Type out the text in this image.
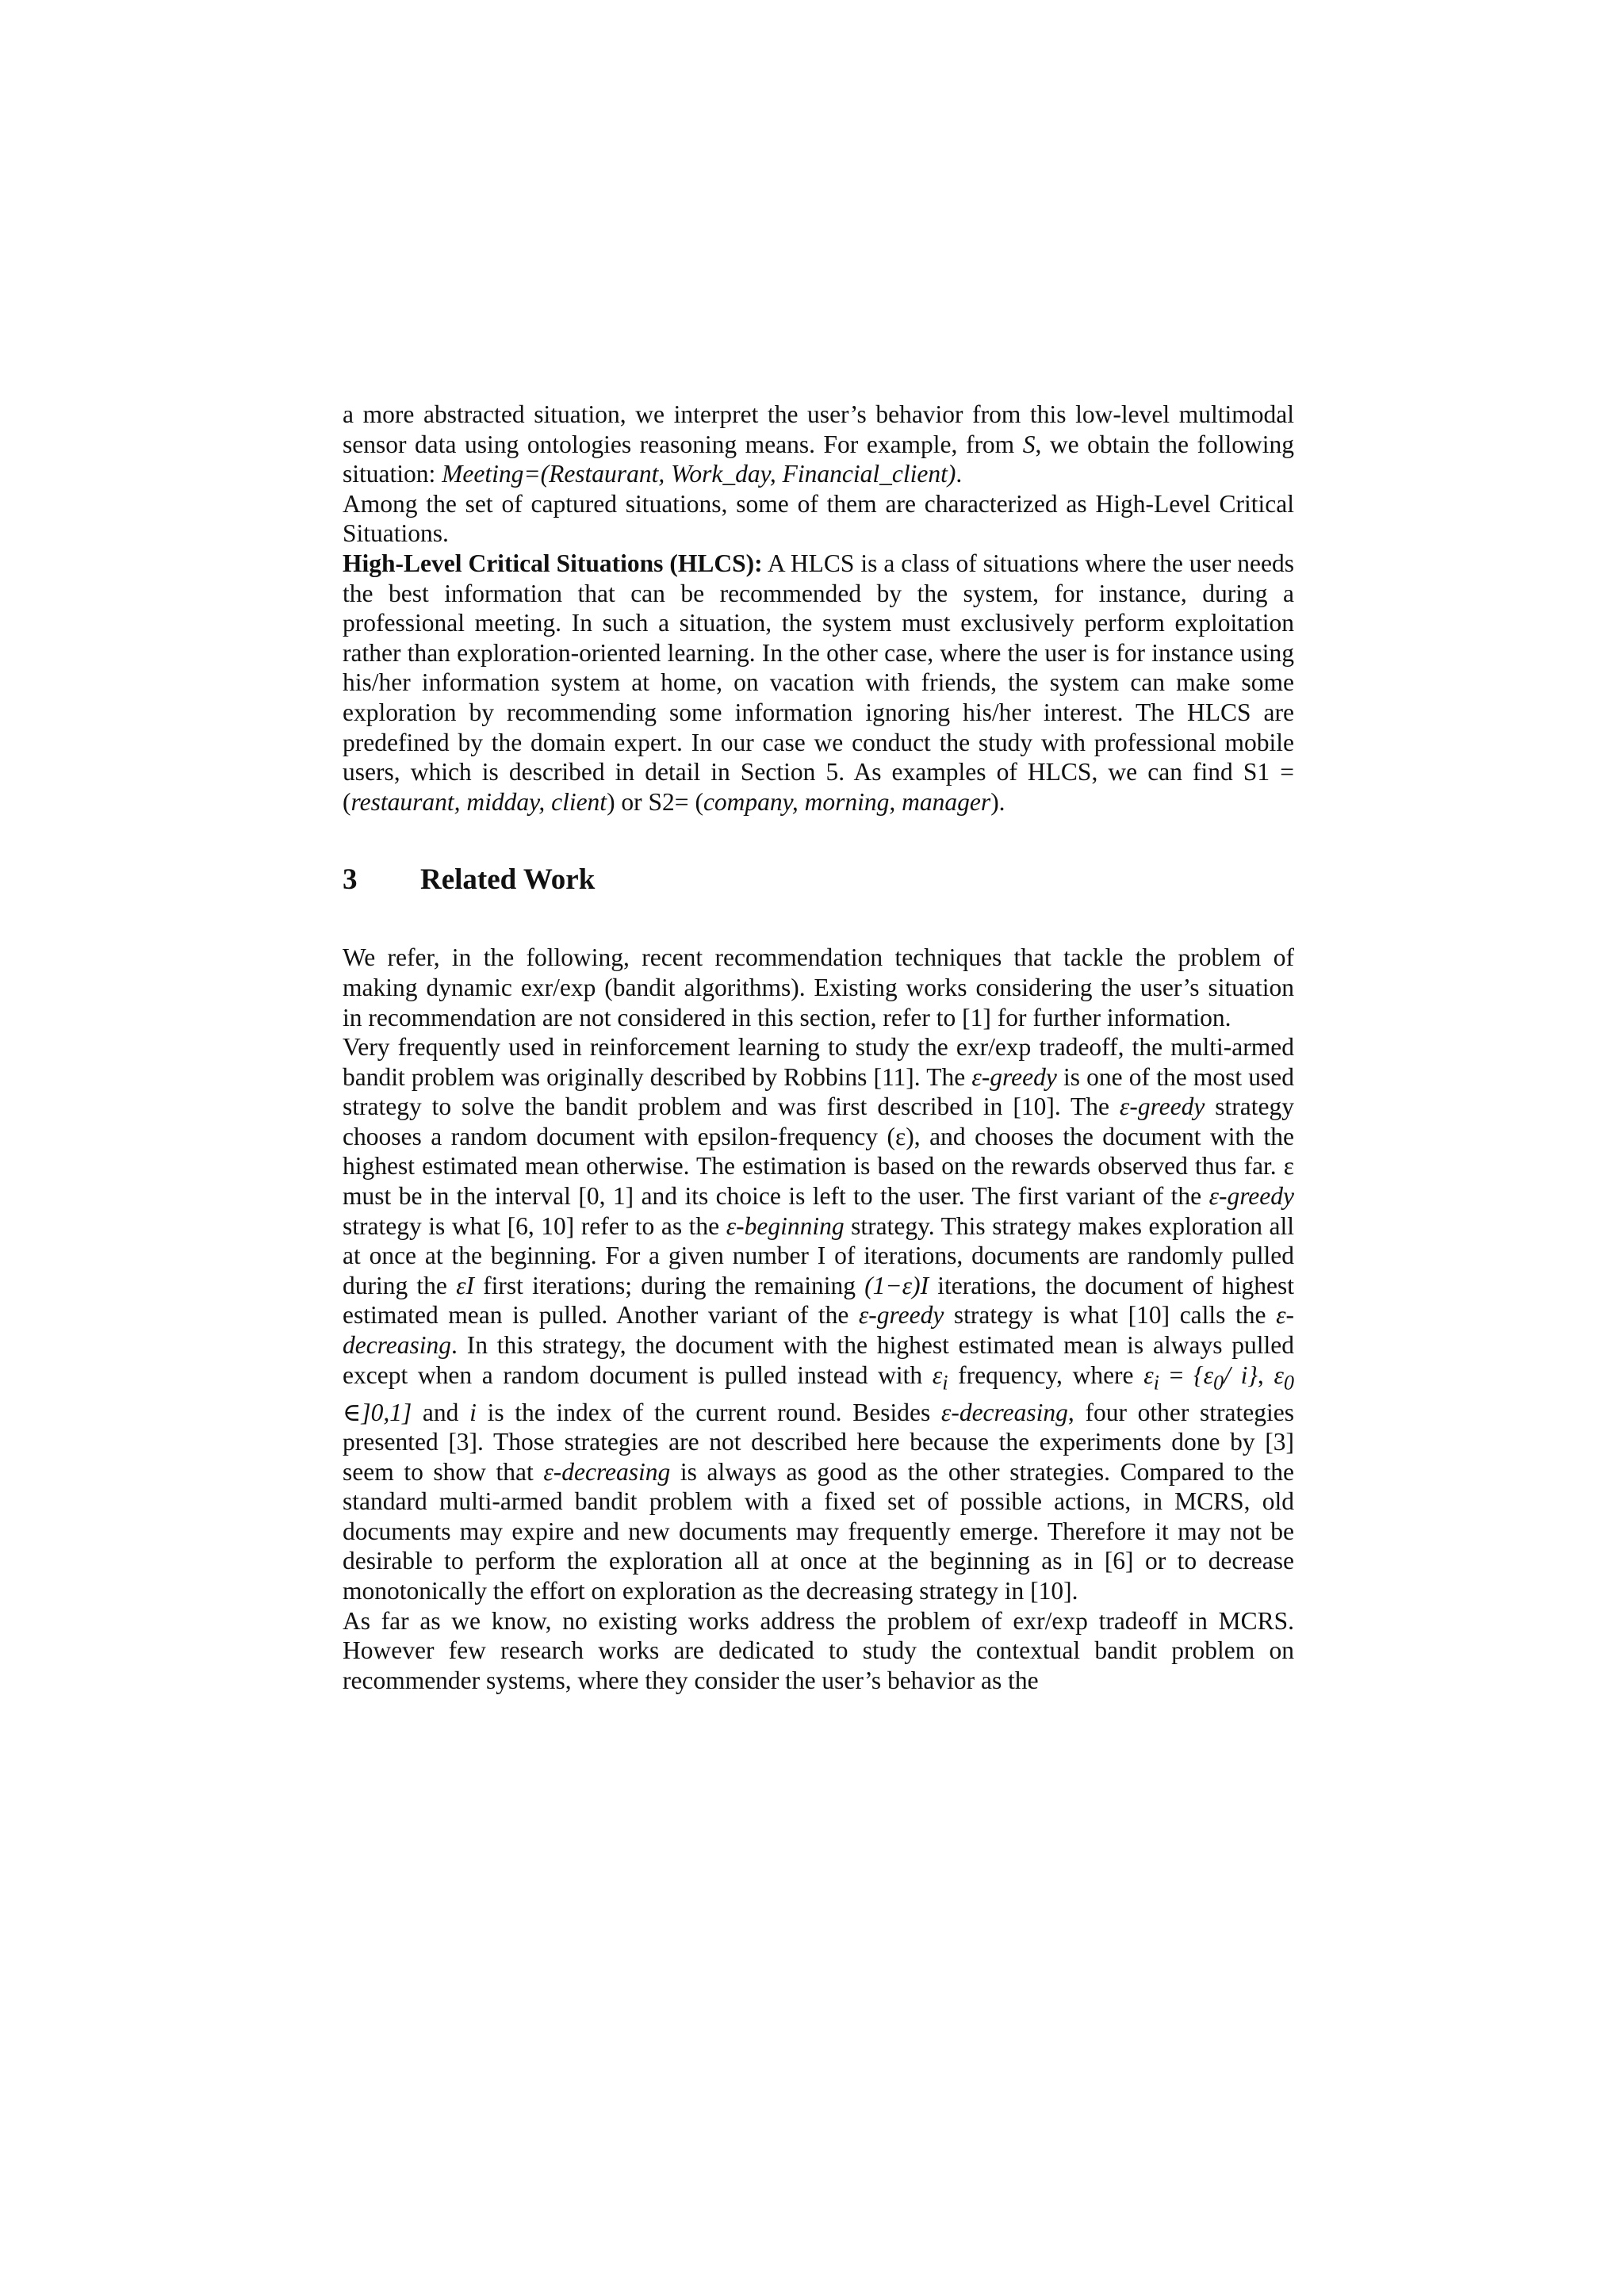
a more abstracted situation, we interpret the user’s behavior from this low-level multimodal sensor data using ontologies reasoning means. For example, from S, we obtain the following situation: Meeting=(Restaurant, Work_day, Financial_client).

Among the set of captured situations, some of them are characterized as High-Level Critical Situations.

High-Level Critical Situations (HLCS): A HLCS is a class of situations where the user needs the best information that can be recommended by the system, for instance, during a professional meeting. In such a situation, the system must exclusively perform exploitation rather than exploration-oriented learning. In the other case, where the user is for instance using his/her information system at home, on vacation with friends, the system can make some exploration by recommending some information ignoring his/her interest. The HLCS are predefined by the domain expert. In our case we conduct the study with professional mobile users, which is described in detail in Section 5. As examples of HLCS, we can find S1 = (restaurant, midday, client) or S2= (company, morning, manager).

3 Related Work

We refer, in the following, recent recommendation techniques that tackle the problem of making dynamic exr/exp (bandit algorithms). Existing works considering the user’s situation in recommendation are not considered in this section, refer to [1] for further information.

Very frequently used in reinforcement learning to study the exr/exp tradeoff, the multi-armed bandit problem was originally described by Robbins [11]. The ε-greedy is one of the most used strategy to solve the bandit problem and was first described in [10]. The ε-greedy strategy chooses a random document with epsilon-frequency (ε), and chooses the document with the highest estimated mean otherwise. The estimation is based on the rewards observed thus far. ε must be in the interval [0, 1] and its choice is left to the user. The first variant of the ε-greedy strategy is what [6, 10] refer to as the ε-beginning strategy. This strategy makes exploration all at once at the beginning. For a given number I of iterations, documents are randomly pulled during the εI first iterations; during the remaining (1−ε)I iterations, the document of highest estimated mean is pulled. Another variant of the ε-greedy strategy is what [10] calls the ε-decreasing. In this strategy, the document with the highest estimated mean is always pulled except when a random document is pulled instead with $\varepsilon_i$ frequency, where $\varepsilon_i = \{\varepsilon_0/$ i}, $\varepsilon_0$ ∈]0,1] and i is the index of the current round. Besides ε-decreasing, four other strategies presented [3]. Those strategies are not described here because the experiments done by [3] seem to show that ε-decreasing is always as good as the other strategies. Compared to the standard multi-armed bandit problem with a fixed set of possible actions, in MCRS, old documents may expire and new documents may frequently emerge. Therefore it may not be desirable to perform the exploration all at once at the beginning as in [6] or to decrease monotonically the effort on exploration as the decreasing strategy in [10].

As far as we know, no existing works address the problem of exr/exp tradeoff in MCRS. However few research works are dedicated to study the contextual bandit problem on recommender systems, where they consider the user’s behavior as the
